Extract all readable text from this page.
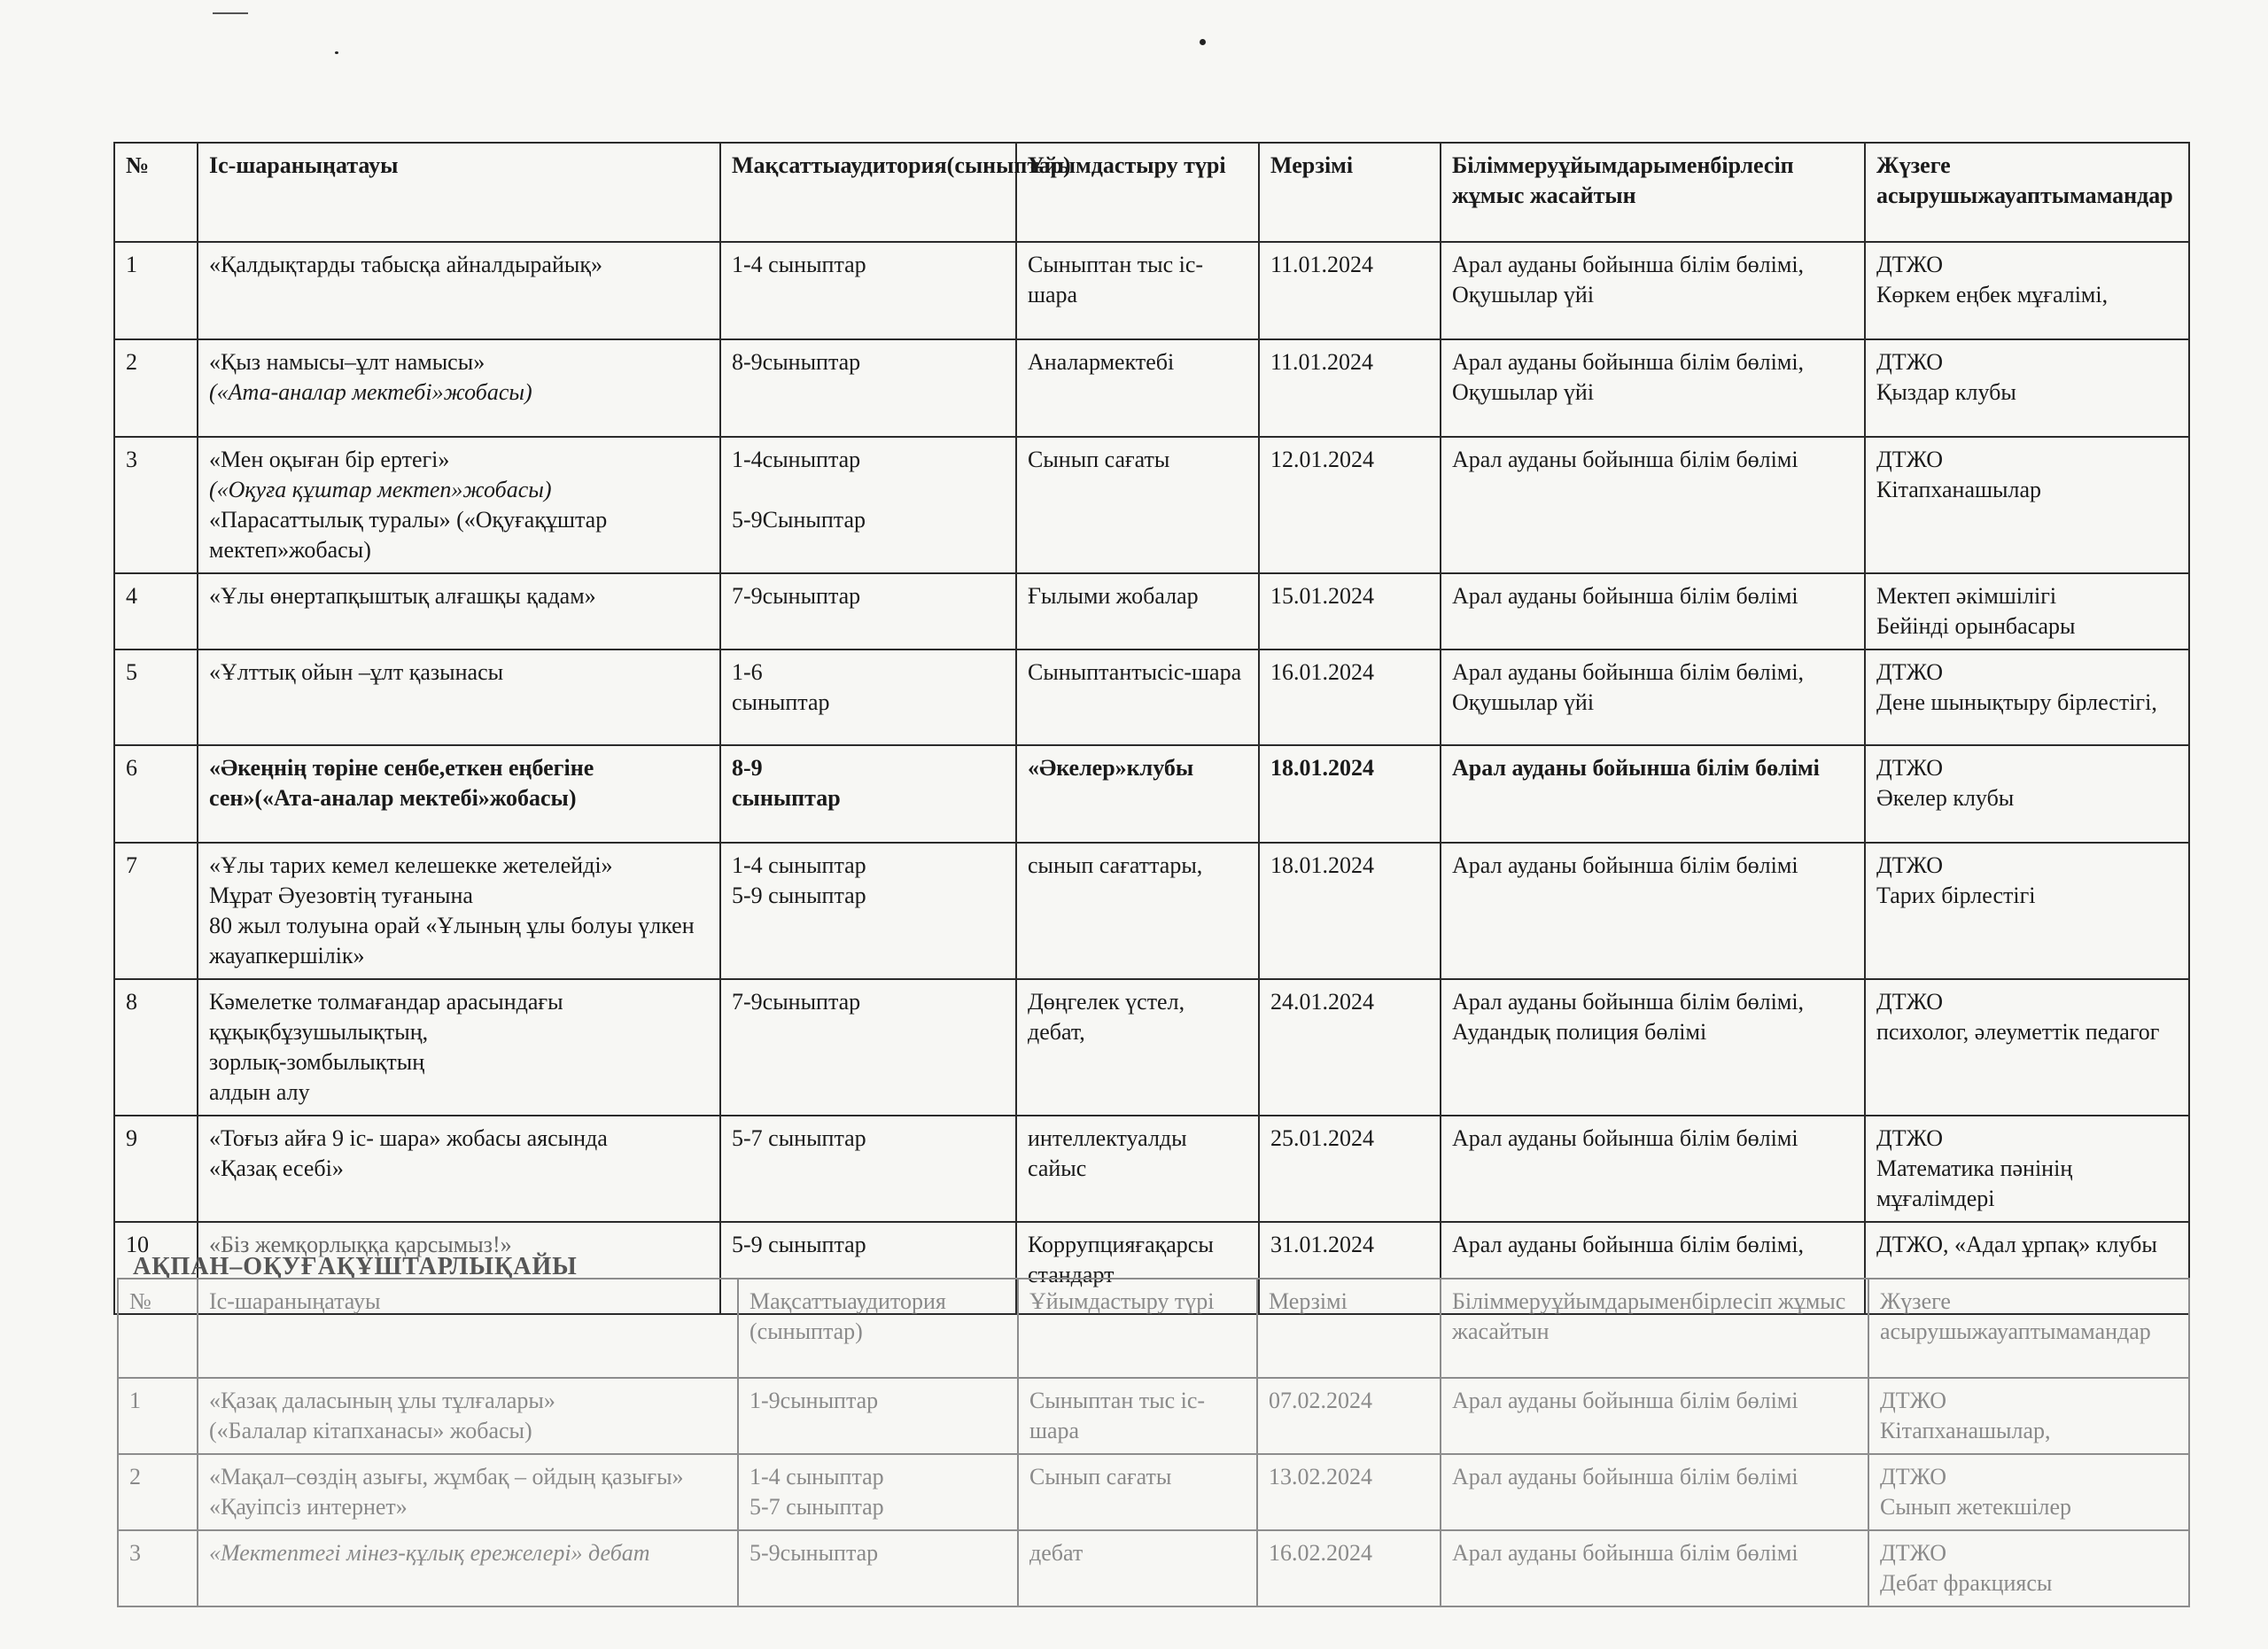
№	Іс-шараныңатауы	Мақсаттыаудитория(сыныптар)	Ұйымдастыру түрі	Мерзімі	Біліммеруұйымдарыменбірлесіп жұмыс жасайтын	Жүзеге асырушыжауаптымамандар
1	«Қалдықтарды табысқа айналдырайық»	1-4 сыныптар	Сыныптан тыс іс-шара	11.01.2024	Арал ауданы бойынша білім бөлімі, Оқушылар үйі	ДТЖО
Көркем еңбек мұғалімі,

2	«Қыз намысы–ұлт намысы»
(«Ата-аналар мектебі»жобасы)	8-9сыныптар	Аналармектебі	11.01.2024	Арал ауданы бойынша білім бөлімі, Оқушылар үйі	ДТЖО
Қыздар клубы

3	«Мен оқыған бір ертегі»
(«Оқуға құштар мектеп»жобасы)
«Парасаттылық туралы» («Оқуғақұштар мектеп»жобасы)	1-4сыныптар
5-9Сыныптар	Сынып сағаты	12.01.2024	Арал ауданы бойынша білім бөлімі	ДТЖО
Кітапханашылар

4	«Ұлы өнертапқыштық алғашқы қадам»	7-9сыныптар	Ғылыми жобалар	15.01.2024	Арал ауданы бойынша білім бөлімі	Мектеп әкімшілігі
Бейінді орынбасары

5	«Ұлттық ойын –ұлт қазынасы	1-6
сыныптар	Сыныптантысіс-шара	16.01.2024	Арал ауданы бойынша білім бөлімі, Оқушылар үйі	ДТЖО
Дене шынықтыру бірлестігі,

6	«Әкеңнің төріне сенбе,еткен еңбегіне сен»(«Ата-аналар мектебі»жобасы)	8-9
сыныптар	«Әкелер»клубы	18.01.2024	Арал ауданы бойынша білім бөлімі	ДТЖО
Әкелер клубы

7	«Ұлы тарих кемел келешекке жетелейді»
Мұрат Әуезовтің туғанына
80 жыл толуына орай «Ұлының ұлы болуы үлкен жауапкершілік»	1-4 сыныптар
5-9 сыныптар	сынып сағаттары,	18.01.2024	Арал ауданы бойынша білім бөлімі	ДТЖО
Тарих бірлестігі

8	Кәмелетке толмағандар арасындағы құқықбұзушылықтың,
зорлық-зомбылықтың
алдын алу	7-9сыныптар	Дөңгелек үстел, дебат,	24.01.2024	Арал ауданы бойынша білім бөлімі, Аудандық полиция бөлімі	ДТЖО
психолог, әлеуметтік педагог

9	«Тоғыз айға 9 іс- шара» жобасы аясында
«Қазақ есебі»	5-7 сыныптар	интеллектуалды сайыс	25.01.2024	Арал ауданы бойынша білім бөлімі	ДТЖО
Математика пәнінің мұғалімдері

10	«Біз жемқорлыққа қарсымыз!»	5-9 сыныптар	Коррупцияғақарсы стандарт	31.01.2024	Арал ауданы бойынша білім бөлімі,	ДТЖО, «Адал ұрпақ» клубы
АҚПАН–ОҚУҒАҚҰШТАРЛЫҚАЙЫ
№	Іс-шараныңатауы	Мақсаттыаудитория (сыныптар)	Ұйымдастыру түрі	Мерзімі	Біліммеруұйымдарыменбірлесіп жұмыс жасайтын	Жүзеге асырушыжауаптымамандар
1	«Қазақ даласының ұлы тұлғалары»
(«Балалар кітапханасы» жобасы)	1-9сыныптар	Сыныптан тыс іс-шара	07.02.2024	Арал ауданы бойынша білім бөлімі	ДТЖО
Кітапханашылар,

2	«Мақал–сөздің азығы, жұмбақ – ойдың қазығы» «Қауіпсіз интернет»	1-4 сыныптар
5-7 сыныптар	Сынып сағаты	13.02.2024	Арал ауданы бойынша білім бөлімі	ДТЖО
Сынып жетекшілер

3	«Мектептегі мінез-құлық ережелері» дебат	5-9сыныптар	дебат	16.02.2024	Арал ауданы бойынша білім бөлімі	ДТЖО
Дебат фракциясы
